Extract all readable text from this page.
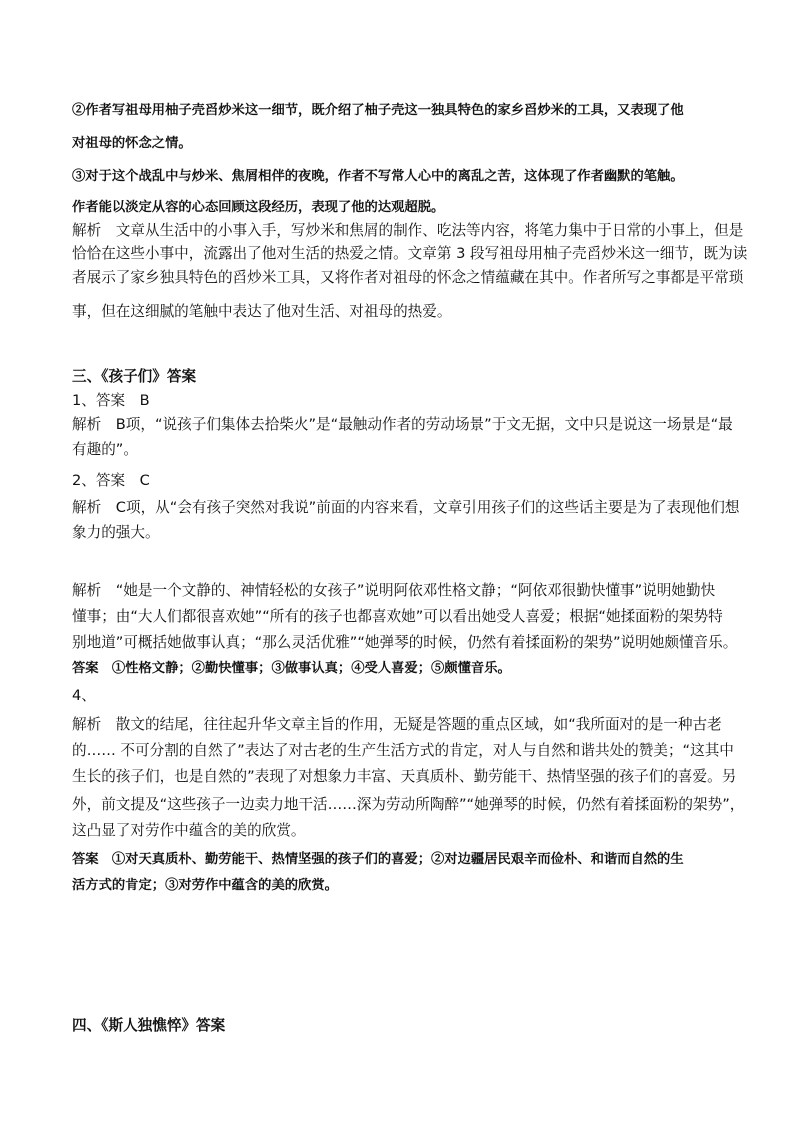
②作者写祖母用柚子壳舀炒米这一细节，既介绍了柚子壳这一独具特色的家乡舀炒米的工具，又表现了他
对祖母的怀念之情。
③对于这个战乱中与炒米、焦屑相伴的夜晚，作者不写常人心中的离乱之苦，这体现了作者幽默的笔触。
作者能以淡定从容的心态回顾这段经历，表现了他的达观超脱。
解析　文章从生活中的小事入手，写炒米和焦屑的制作、吃法等内容，将笔力集中于日常的小事上，但是
恰恰在这些小事中，流露出了他对生活的热爱之情。文章第 3 段写祖母用柚子壳舀炒米这一细节，既为读
者展示了家乡独具特色的舀炒米工具，又将作者对祖母的怀念之情蕴藏在其中。作者所写之事都是平常琐
事，但在这细腻的笔触中表达了他对生活、对祖母的热爱。
三、《孩子们》答案
1、答案　B
解析　B项，“说孩子们集体去拾柴火”是“最触动作者的劳动场景”于文无据，文中只是说这一场景是“最
有趣的”。
2、答案　C
解析　C项，从“会有孩子突然对我说”前面的内容来看，文章引用孩子们的这些话主要是为了表现他们想
象力的强大。
解析　“她是一个文静的、神情轻松的女孩子”说明阿依邓性格文静；“阿依邓很勤快懂事”说明她勤快
懂事；由“大人们都很喜欢她”“所有的孩子也都喜欢她”可以看出她受人喜爱；根据“她揉面粉的架势特
别地道”可概括她做事认真；“那么灵活优雅”“她弹琴的时候，仍然有着揉面粉的架势”说明她颇懂音乐。
答案　①性格文静；②勤快懂事；③做事认真；④受人喜爱；⑤颇懂音乐。
4、
解析　散文的结尾，往往起升华文章主旨的作用，无疑是答题的重点区域，如“我所面对的是一种古老
的…… 不可分割的自然了”表达了对古老的生产生活方式的肯定，对人与自然和谐共处的赞美；“这其中
生长的孩子们，也是自然的”表现了对想象力丰富、天真质朴、勤劳能干、热情坚强的孩子们的喜爱。另
外，前文提及“这些孩子一边卖力地干活……深为劳动所陶醉”“她弹琴的时候，仍然有着揉面粉的架势”，
这凸显了对劳作中蕴含的美的欣赏。
答案　①对天真质朴、勤劳能干、热情坚强的孩子们的喜爱；②对边疆居民艰辛而俭朴、和谐而自然的生
活方式的肯定；③对劳作中蕴含的美的欣赏。
四、《斯人独憔悴》答案
